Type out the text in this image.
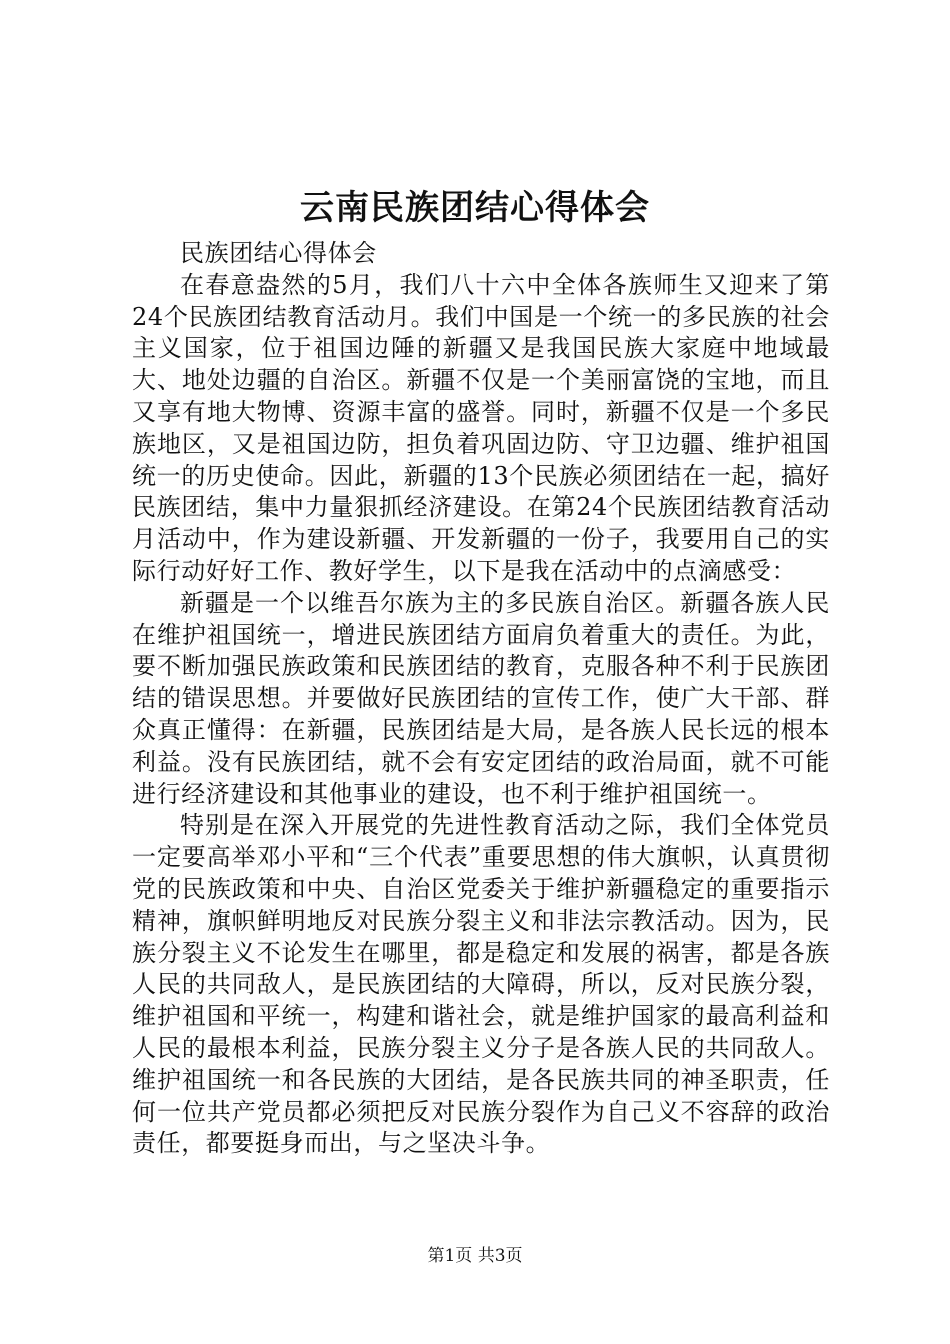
云南民族团结心得体会

民族团结心得体会

在春意盎然的5月，我们八十六中全体各族师生又迎来了第24个民族团结教育活动月。我们中国是一个统一的多民族的社会主义国家，位于祖国边陲的新疆又是我国民族大家庭中地域最大、地处边疆的自治区。新疆不仅是一个美丽富饶的宝地，而且又享有地大物博、资源丰富的盛誉。同时，新疆不仅是一个多民族地区，又是祖国边防，担负着巩固边防、守卫边疆、维护祖国统一的历史使命。因此，新疆的13个民族必须团结在一起，搞好民族团结，集中力量狠抓经济建设。在第24个民族团结教育活动月活动中，作为建设新疆、开发新疆的一份子，我要用自己的实际行动好好工作、教好学生，以下是我在活动中的点滴感受：

新疆是一个以维吾尔族为主的多民族自治区。新疆各族人民在维护祖国统一，增进民族团结方面肩负着重大的责任。为此，要不断加强民族政策和民族团结的教育，克服各种不利于民族团结的错误思想。并要做好民族团结的宣传工作，使广大干部、群众真正懂得：在新疆，民族团结是大局，是各族人民长远的根本利益。没有民族团结，就不会有安定团结的政治局面，就不可能进行经济建设和其他事业的建设，也不利于维护祖国统一。

特别是在深入开展党的先进性教育活动之际，我们全体党员一定要高举邓小平和“三个代表”重要思想的伟大旗帜，认真贯彻党的民族政策和中央、自治区党委关于维护新疆稳定的重要指示精神，旗帜鲜明地反对民族分裂主义和非法宗教活动。因为，民族分裂主义不论发生在哪里，都是稳定和发展的祸害，都是各族人民的共同敌人，是民族团结的大障碍，所以，反对民族分裂，维护祖国和平统一，构建和谐社会，就是维护国家的最高利益和人民的最根本利益，民族分裂主义分子是各族人民的共同敌人。维护祖国统一和各民族的大团结，是各民族共同的神圣职责，任何一位共产党员都必须把反对民族分裂作为自己义不容辞的政治责任，都要挺身而出，与之坚决斗争。

第1页 共3页
